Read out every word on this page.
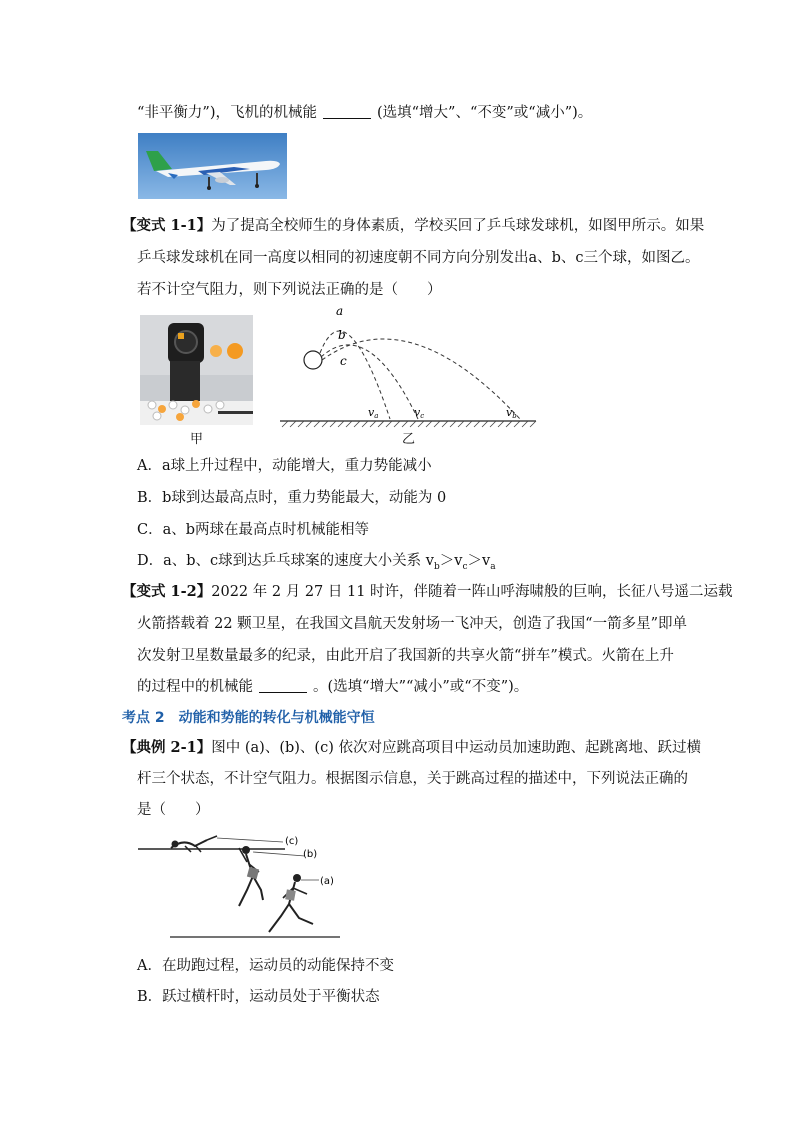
“非平衡力”)，飞机的机械能	(选填“增大”、“不变”或“减小”)。
【变式 1-1】为了提高全校师生的身体素质，学校买回了乒乓球发球机，如图甲所示。如果
乒乓球发球机在同一高度以相同的初速度朝不同方向分别发出a、b、c三个球，如图乙。
若不计空气阻力，则下列说法正确的是（　　）
甲
a
b
c
va	vc	vb
乙
A．a球上升过程中，动能增大，重力势能减小
B．b球到达最高点时，重力势能最大，动能为 0
C．a、b两球在最高点时机械能相等
D．a、b、c球到达乒乓球案的速度大小关系 $v_b>v_c>v_a$
【变式 1-2】2022 年 2 月 27 日 11 时许，伴随着一阵山呼海啸般的巨响，长征八号遥二运载
火箭搭载着 22 颗卫星，在我国文昌航天发射场一飞冲天，创造了我国“一箭多星”即单
次发射卫星数量最多的纪录，由此开启了我国新的共享火箭“拼车”模式。火箭在上升
的过程中的机械能	。(选填“增大”“减小”或“不变”)。
考点 2　 动能和势能的转化与机械能守恒
【典例 2-1】图中 (a)、(b)、(c) 依次对应跳高项目中运动员加速助跑、起跳离地、跃过横
杆三个状态，不计空气阻力。根据图示信息，关于跳高过程的描述中，下列说法正确的
是（　　）
(c)
(b)
(a)
A．在助跑过程，运动员的动能保持不变
B．跃过横杆时，运动员处于平衡状态
